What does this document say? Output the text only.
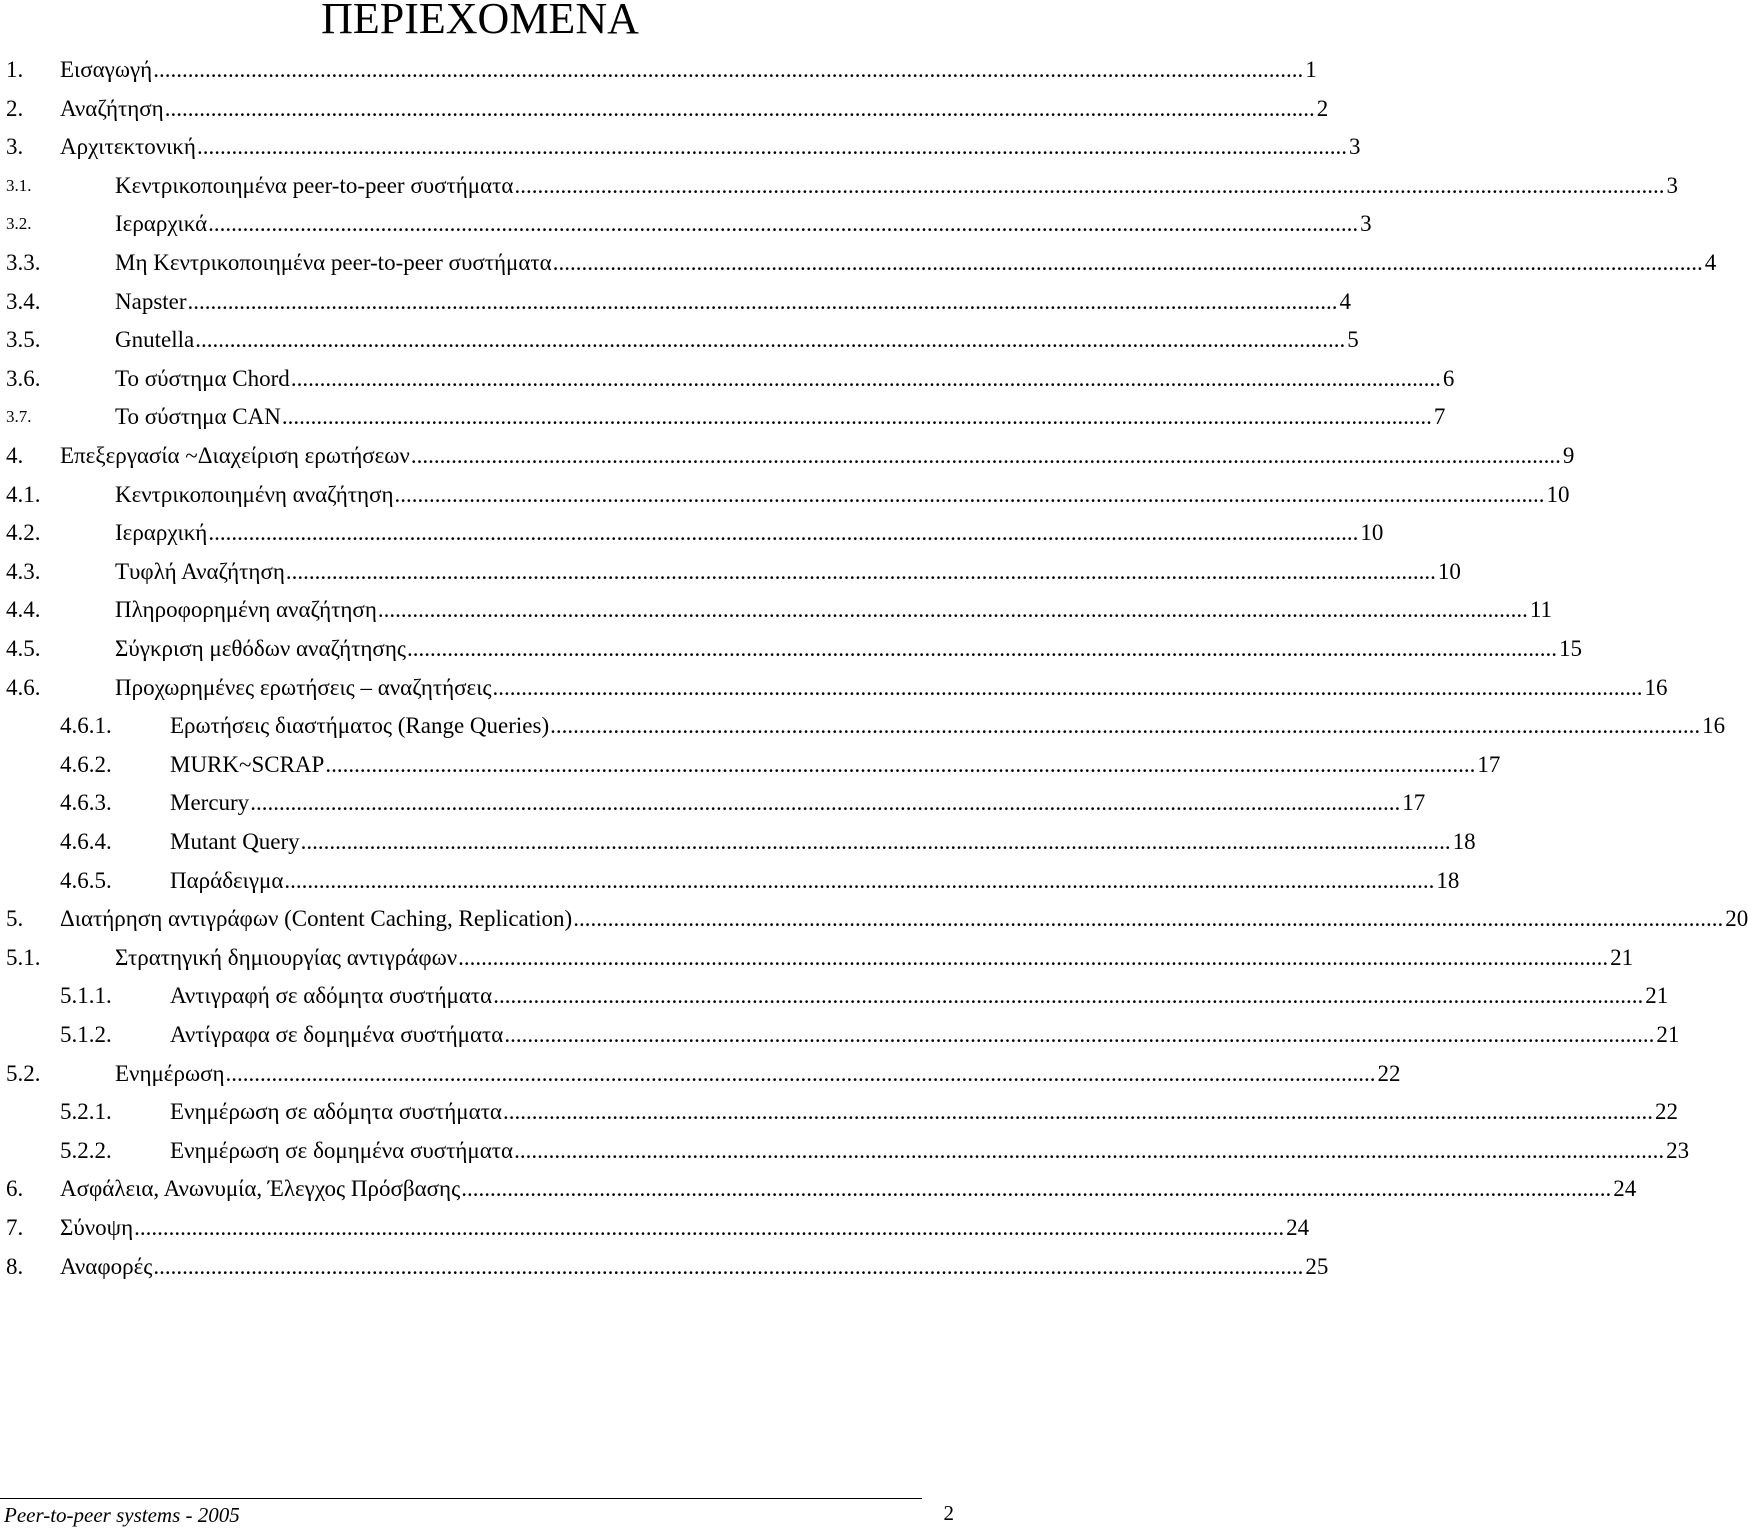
ΠΕΡΙΕΧΟΜΕΝΑ
1. Εισαγωγή ........................................................................................................................................................................................................ 1
2. Αναζήτηση ........................................................................................................................................................................................................ 2
3. Αρχιτεκτονική ........................................................................................................................................................................................................ 3
3.1.	Κεντρικοποιημένα peer-to-peer συστήματα ........................................................................................................................................................................................................ 3
3.2.	Ιεραρχικά ........................................................................................................................................................................................................ 3
3.3.	Μη Κεντρικοποιημένα peer-to-peer συστήματα ........................................................................................................................................................................................................ 4
3.4.	Napster ........................................................................................................................................................................................................ 4
3.5.	Gnutella ........................................................................................................................................................................................................ 5
3.6.	Το σύστημα Chord ........................................................................................................................................................................................................ 6
3.7.	Το σύστημα CAN ........................................................................................................................................................................................................ 7
4. Επεξεργασία ~Διαχείριση ερωτήσεων ........................................................................................................................................................................................................ 9
4.1.	Κεντρικοποιημένη αναζήτηση ........................................................................................................................................................................................................ 10
4.2.	Ιεραρχική ........................................................................................................................................................................................................ 10
4.3.	Τυφλή Αναζήτηση ........................................................................................................................................................................................................ 10
4.4.	Πληροφορημένη αναζήτηση ........................................................................................................................................................................................................ 11
4.5.	Σύγκριση μεθόδων αναζήτησης ........................................................................................................................................................................................................ 15
4.6.	Προχωρημένες ερωτήσεις – αναζητήσεις ........................................................................................................................................................................................................ 16
4.6.1.	Ερωτήσεις διαστήματος (Range Queries) ........................................................................................................................................................................................................ 16
4.6.2.	MURK~SCRAP ........................................................................................................................................................................................................ 17
4.6.3.	Mercury ........................................................................................................................................................................................................ 17
4.6.4.	Mutant Query ........................................................................................................................................................................................................ 18
4.6.5.	Παράδειγμα ........................................................................................................................................................................................................ 18
5. Διατήρηση αντιγράφων (Content Caching, Replication) ........................................................................................................................................................................................................ 20
5.1.	Στρατηγική δημιουργίας αντιγράφων ........................................................................................................................................................................................................ 21
5.1.1.	Αντιγραφή σε αδόμητα συστήματα ........................................................................................................................................................................................................ 21
5.1.2.	Αντίγραφα σε δομημένα συστήματα ........................................................................................................................................................................................................ 21
5.2.	Ενημέρωση ........................................................................................................................................................................................................ 22
5.2.1.	Ενημέρωση σε αδόμητα συστήματα ........................................................................................................................................................................................................ 22
5.2.2.	Ενημέρωση σε δομημένα συστήματα ........................................................................................................................................................................................................ 23
6. Ασφάλεια, Ανωνυμία, Έλεγχος Πρόσβασης ........................................................................................................................................................................................................ 24
7. Σύνοψη ........................................................................................................................................................................................................ 24
8. Αναφορές ........................................................................................................................................................................................................ 25
Peer-to-peer systems - 2005	2
